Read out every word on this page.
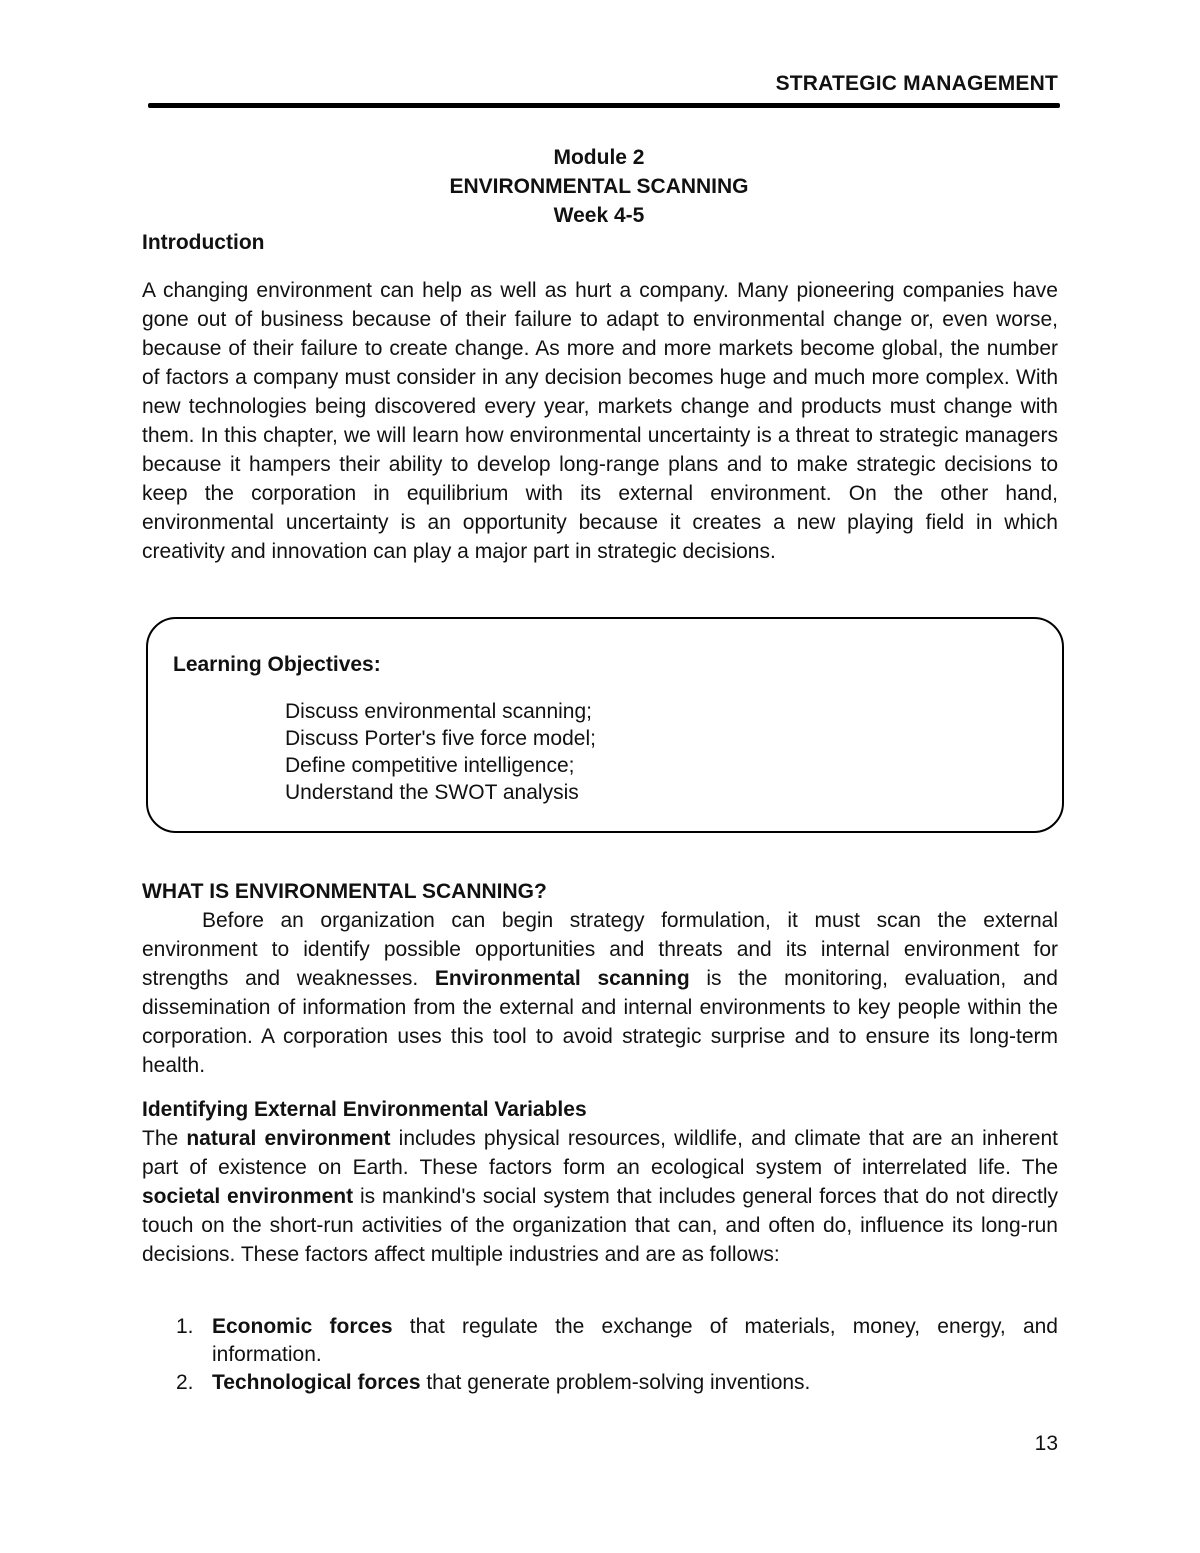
STRATEGIC MANAGEMENT
Module 2
ENVIRONMENTAL SCANNING
Week 4-5
Introduction

A changing environment can help as well as hurt a company. Many pioneering companies have gone out of business because of their failure to adapt to environmental change or, even worse, because of their failure to create change. As more and more markets become global, the number of factors a company must consider in any decision becomes huge and much more complex. With new technologies being discovered every year, markets change and products must change with them. In this chapter, we will learn how environmental uncertainty is a threat to strategic managers because it hampers their ability to develop long-range plans and to make strategic decisions to keep the corporation in equilibrium with its external environment. On the other hand, environmental uncertainty is an opportunity because it creates a new playing field in which creativity and innovation can play a major part in strategic decisions.

Learning Objectives:
Discuss environmental scanning;
Discuss Porter's five force model;
Define competitive intelligence;
Understand the SWOT analysis
WHAT IS ENVIRONMENTAL SCANNING?

Before an organization can begin strategy formulation, it must scan the external environment to identify possible opportunities and threats and its internal environment for strengths and weaknesses. Environmental scanning is the monitoring, evaluation, and dissemination of information from the external and internal environments to key people within the corporation. A corporation uses this tool to avoid strategic surprise and to ensure its long-term health.

Identifying External Environmental Variables

The natural environment includes physical resources, wildlife, and climate that are an inherent part of existence on Earth. These factors form an ecological system of interrelated life. The societal environment is mankind's social system that includes general forces that do not directly touch on the short-run activities of the organization that can, and often do, influence its long-run decisions. These factors affect multiple industries and are as follows:

1. Economic forces that regulate the exchange of materials, money, energy, and information.
2. Technological forces that generate problem-solving inventions.
13
